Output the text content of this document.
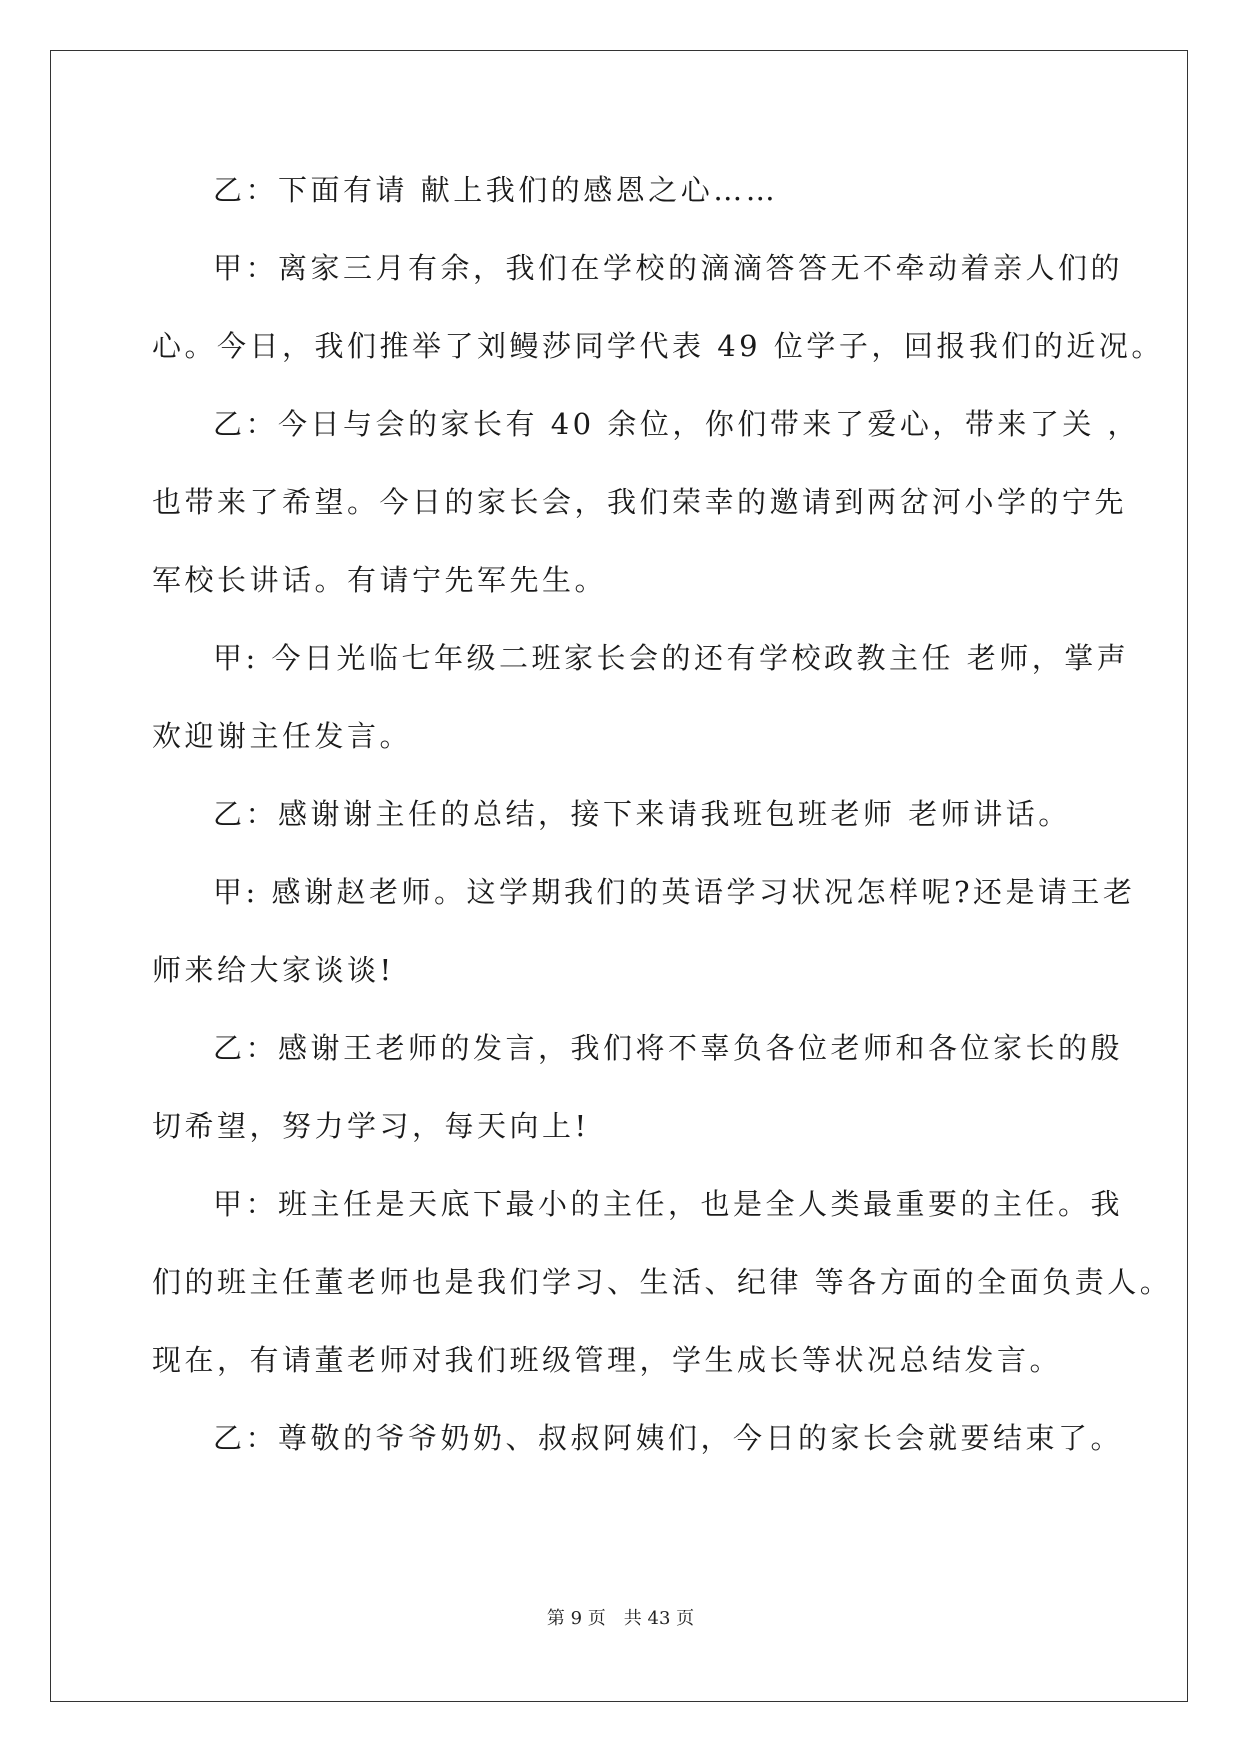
乙：下面有请 献上我们的感恩之心……
甲：离家三月有余，我们在学校的滴滴答答无不牵动着亲人们的
心。今日，我们推举了刘鳗莎同学代表 49 位学子，回报我们的近况。
乙：今日与会的家长有 40 余位，你们带来了爱心，带来了关 ，
也带来了希望。今日的家长会，我们荣幸的邀请到两岔河小学的宁先
军校长讲话。有请宁先军先生。
甲: 今日光临七年级二班家长会的还有学校政教主任 老师，掌声
欢迎谢主任发言。
乙：感谢谢主任的总结，接下来请我班包班老师 老师讲话。
甲: 感谢赵老师。这学期我们的英语学习状况怎样呢?还是请王老
师来给大家谈谈!
乙：感谢王老师的发言，我们将不辜负各位老师和各位家长的殷
切希望，努力学习，每天向上!
甲：班主任是天底下最小的主任，也是全人类最重要的主任。我
们的班主任董老师也是我们学习、生活、纪律 等各方面的全面负责人。
现在，有请董老师对我们班级管理，学生成长等状况总结发言。
乙：尊敬的爷爷奶奶、叔叔阿姨们，今日的家长会就要结束了。
第 9 页 共 43 页
